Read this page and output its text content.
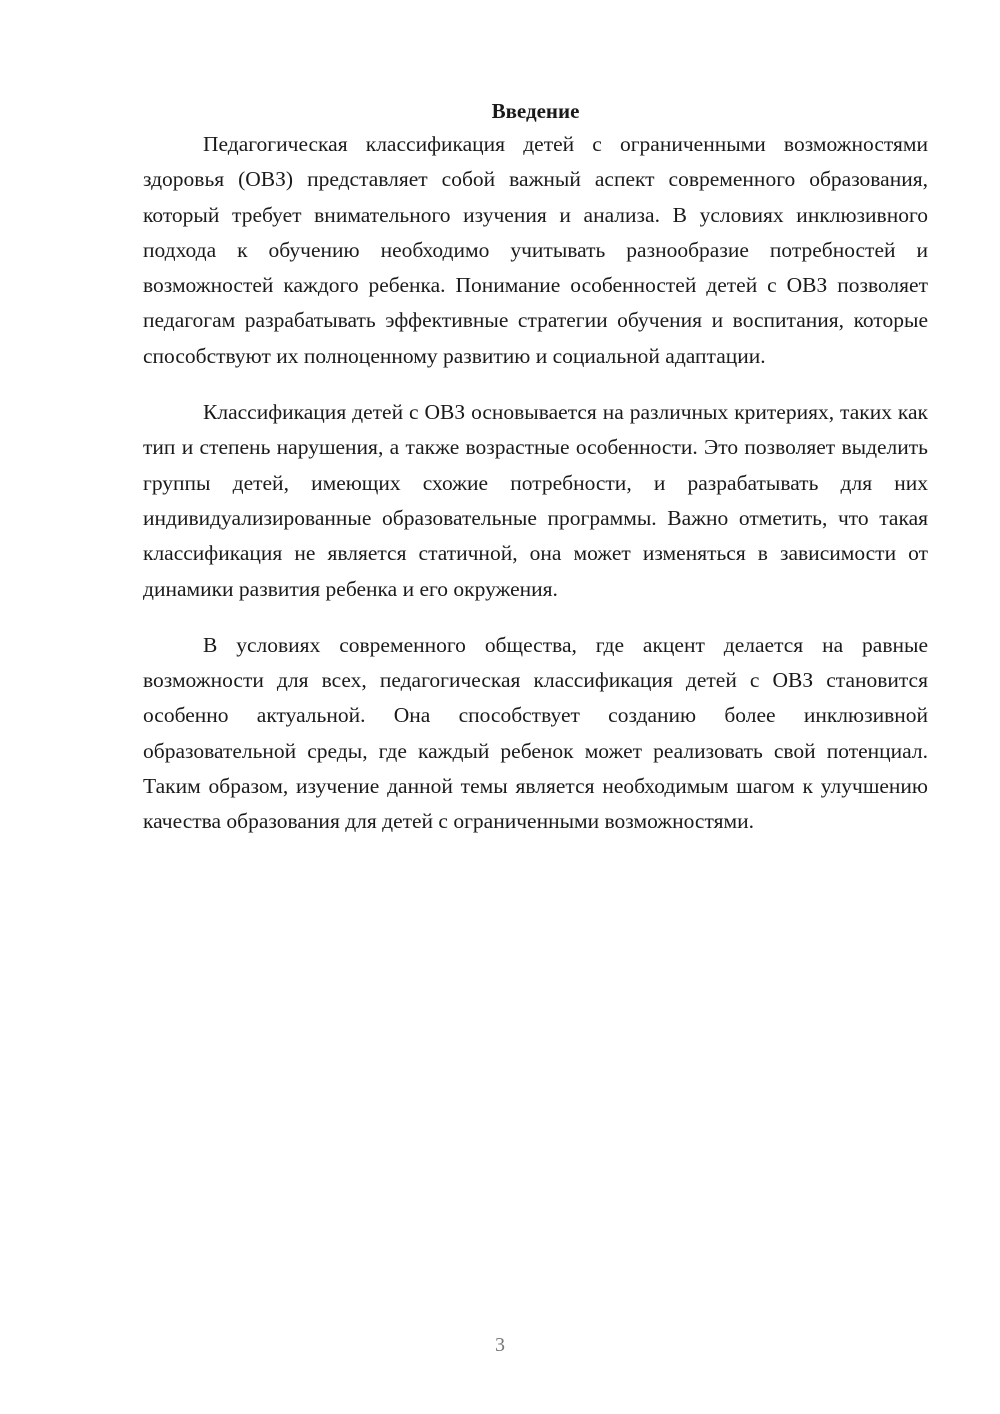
Введение

Педагогическая классификация детей с ограниченными возможностями здоровья (ОВЗ) представляет собой важный аспект современного образования, который требует внимательного изучения и анализа. В условиях инклюзивного подхода к обучению необходимо учитывать разнообразие потребностей и возможностей каждого ребенка. Понимание особенностей детей с ОВЗ позволяет педагогам разрабатывать эффективные стратегии обучения и воспитания, которые способствуют их полноценному развитию и социальной адаптации.

Классификация детей с ОВЗ основывается на различных критериях, таких как тип и степень нарушения, а также возрастные особенности. Это позволяет выделить группы детей, имеющих схожие потребности, и разрабатывать для них индивидуализированные образовательные программы. Важно отметить, что такая классификация не является статичной, она может изменяться в зависимости от динамики развития ребенка и его окружения.

В условиях современного общества, где акцент делается на равные возможности для всех, педагогическая классификация детей с ОВЗ становится особенно актуальной. Она способствует созданию более инклюзивной образовательной среды, где каждый ребенок может реализовать свой потенциал. Таким образом, изучение данной темы является необходимым шагом к улучшению качества образования для детей с ограниченными возможностями.

3
